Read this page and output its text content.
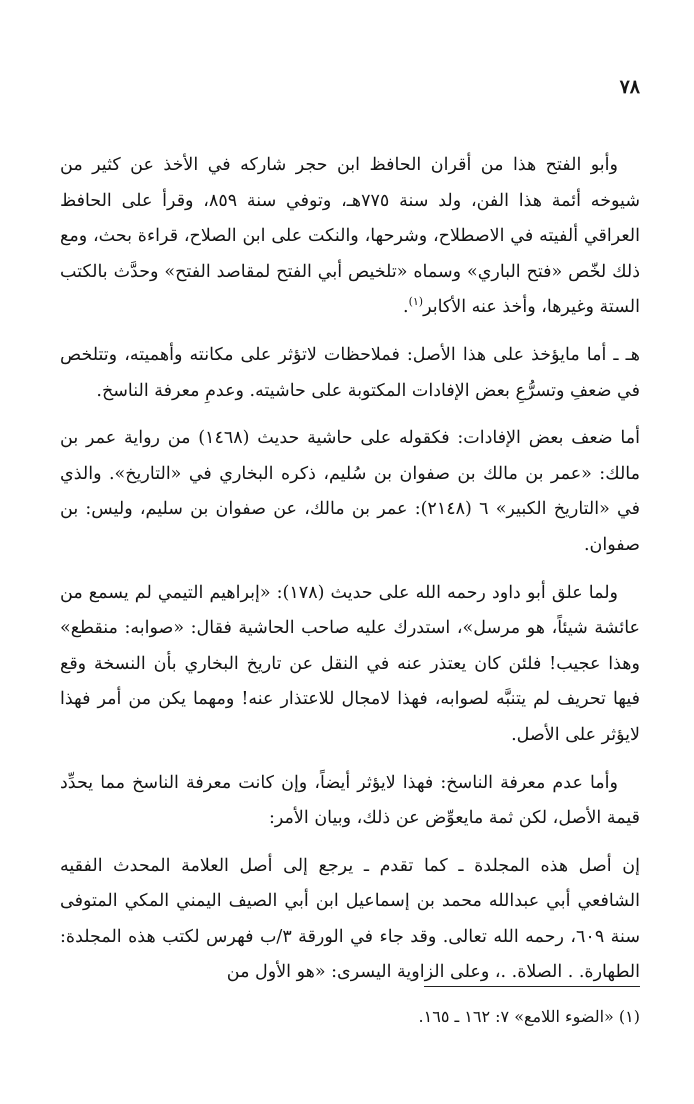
٧٨

وأبو الفتح هذا من أقران الحافظ ابن حجر شاركه في الأخذ عن كثير من شيوخه أئمة هذا الفن، ولد سنة ٧٧٥هـ، وتوفي سنة ٨٥٩، وقرأ على الحافظ العراقي ألفيته في الاصطلاح، وشرحها، والنكت على ابن الصلاح، قراءة بحث، ومع ذلك لخّص «فتح الباري» وسماه «تلخيص أبي الفتح لمقاصد الفتح» وحدَّث بالكتب الستة وغيرها، وأخذ عنه الأكابر$^{(١)}$.

هـ ـ أما مايؤخذ على هذا الأصل: فملاحظات لاتؤثر على مكانته وأهميته، وتتلخص في ضعفِ وتسرُّعِ بعض الإفادات المكتوبة على حاشيته. وعدمِ معرفة الناسخ.

أما ضعف بعض الإفادات: فكقوله على حاشية حديث (١٤٦٨) من رواية عمر بن مالك: «عمر بن مالك بن صفوان بن سُليم، ذكره البخاري في «التاريخ». والذي في «التاريخ الكبير» ٦ (٢١٤٨): عمر بن مالك، عن صفوان بن سليم، وليس: بن صفوان.

ولما علق أبو داود رحمه الله على حديث (١٧٨): «إبراهيم التيمي لم يسمع من عائشة شيئاً، هو مرسل»، استدرك عليه صاحب الحاشية فقال: «صوابه: منقطع» وهذا عجيب! فلئن كان يعتذر عنه في النقل عن تاريخ البخاري بأن النسخة وقع فيها تحريف لم يتنبَّه لصوابه، فهذا لامجال للاعتذار عنه! ومهما يكن من أمر فهذا لايؤثر على الأصل.

وأما عدم معرفة الناسخ: فهذا لايؤثر أيضاً، وإن كانت معرفة الناسخ مما يحدِّد قيمة الأصل، لكن ثمة مايعوِّض عن ذلك، وبيان الأمر:

إن أصل هذه المجلدة ـ كما تقدم ـ يرجع إلى أصل العلامة المحدث الفقيه الشافعي أبي عبدالله محمد بن إسماعيل ابن أبي الصيف اليمني المكي المتوفى سنة ٦٠٩، رحمه الله تعالى. وقد جاء في الورقة ٣/ب فهرس لكتب هذه المجلدة: الطهارة. . الصلاة. .، وعلى الزاوية اليسرى: «هو الأول من

(١) «الضوء اللامع» ٧: ١٦٢ ـ ١٦٥.
